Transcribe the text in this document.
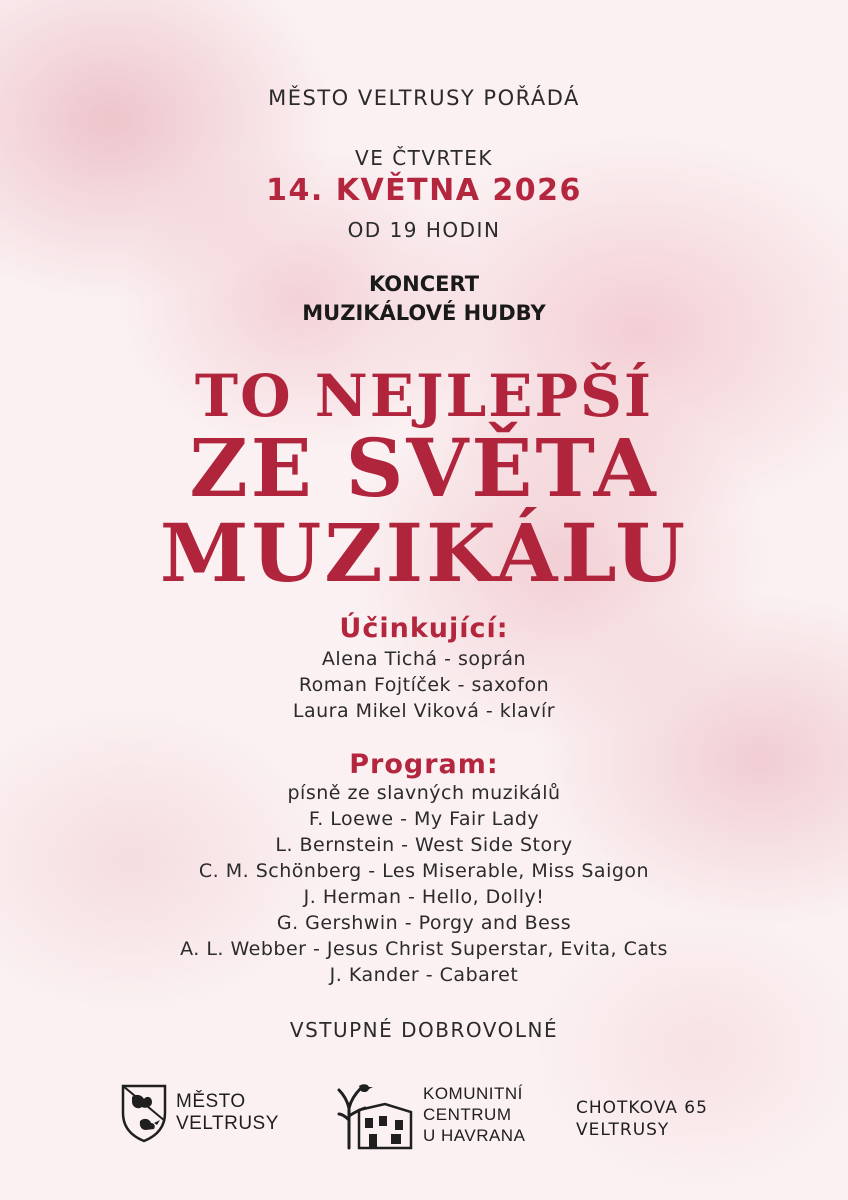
MĚSTO VELTRUSY POŘÁDÁ
VE ČTVRTEK
14. KVĚTNA 2026
OD 19 HODIN
KONCERT
MUZIKÁLOVÉ HUDBY
TO NEJLEPŠÍ
ZE SVĚTA
MUZIKÁLU
Účinkující:
Alena Tichá - soprán
Roman Fojtíček - saxofon
Laura Mikel Viková - klavír
Program:
písně ze slavných muzikálů
F. Loewe - My Fair Lady
L. Bernstein - West Side Story
C. M. Schönberg - Les Miserable, Miss Saigon
J. Herman - Hello, Dolly!
G. Gershwin - Porgy and Bess
A. L. Webber - Jesus Christ Superstar, Evita, Cats
J. Kander - Cabaret
VSTUPNÉ DOBROVOLNÉ
MĚSTO
VELTRUSY
KOMUNITNÍ
CENTRUM
U HAVRANA
CHOTKOVA 65
VELTRUSY
